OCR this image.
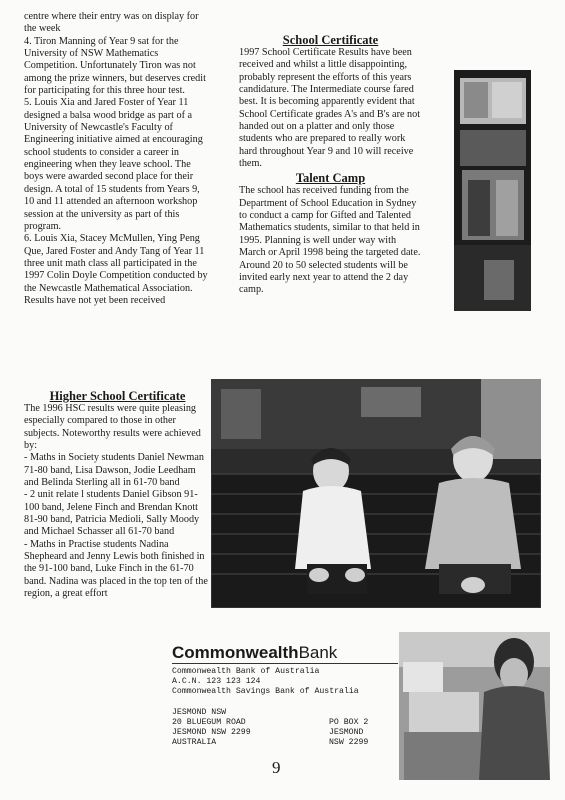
centre where their entry was on display for the week

4. Tiron Manning of Year 9 sat for the University of NSW Mathematics Competition. Unfortunately Tiron was not among the prize winners, but deserves credit for participating for this three hour test.

5. Louis Xia and Jared Foster of Year 11 designed a balsa wood bridge as part of a University of Newcastle's Faculty of Engineering initiative aimed at encouraging school students to consider a career in engineering when they leave school. The boys were awarded second place for their design. A total of 15 students from Years 9, 10 and 11 attended an afternoon workshop session at the university as part of this program.

6. Louis Xia, Stacey McMullen, Ying Peng Que, Jared Foster and Andy Tang of Year 11 three unit math class all participated in the 1997 Colin Doyle Competition conducted by the Newcastle Mathematical Association. Results have not yet been received

School Certificate

1997 School Certificate Results have been received and whilst a little disappointing, probably represent the efforts of this years candidature. The Intermediate course fared best. It is becoming apparently evident that School Certificate grades A's and B's are not handed out on a platter and only those students who are prepared to really work hard throughout Year 9 and 10 will receive them.

Talent Camp

The school has received funding from the Department of School Education in Sydney to conduct a camp for Gifted and Talented Mathematics students, similar to that held in 1995. Planning is well under way with March or April 1998 being the targeted date. Around 20 to 50 selected students will be invited early next year to attend the 2 day camp.

Higher School Certificate

The 1996 HSC results were quite pleasing especially compared to those in other subjects. Noteworthy results were achieved by:

- Maths in Society students Daniel Newman 71-80 band, Lisa Dawson, Jodie Leedham and Belinda Sterling all in 61-70 band

- 2 unit relate l students Daniel Gibson 91-100 band, Jelene Finch and Brendan Knott 81-90 band, Patricia Medioli, Sally Moody and Michael Schasser all 61-70 band

- Maths in Practise students Nadina Shepheard and Jenny Lewis both finished in the 91-100 band, Luke Finch in the 61-70 band. Nadina was placed in the top ten of the region, a great effort

CommonwealthBank
Commonwealth Bank of Australia
A.C.N. 123 123 124
Commonwealth Savings Bank of Australia
JESMOND NSW
20 BLUEGUM ROAD
JESMOND NSW 2299
AUSTRALIA
PO BOX 2
JESMOND
NSW 2299
9
